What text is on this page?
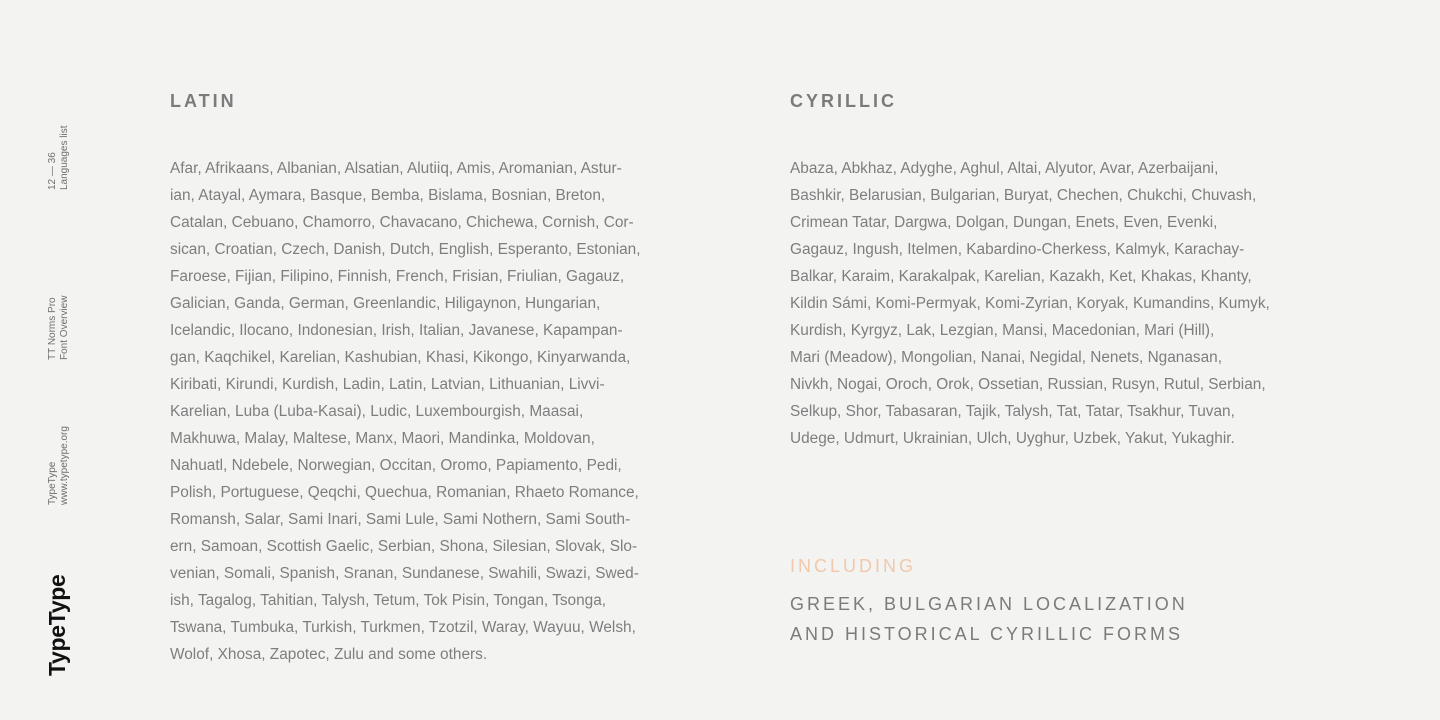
12 — 36 Languages list
TT Norms Pro Font Overview
TypeType www.typetype.org
TypeType
LATIN
Afar, Afrikaans, Albanian, Alsatian, Alutiiq, Amis, Aromanian, Astur-
ian, Atayal, Aymara, Basque, Bemba, Bislama, Bosnian, Breton,
Catalan, Cebuano, Chamorro, Chavacano, Chichewa, Cornish, Cor-
sican, Croatian, Czech, Danish, Dutch, English, Esperanto, Estonian,
Faroese, Fijian, Filipino, Finnish, French, Frisian, Friulian, Gagauz,
Galician, Ganda, German, Greenlandic, Hiligaynon, Hungarian,
Icelandic, Ilocano, Indonesian, Irish, Italian, Javanese, Kapampan-
gan, Kaqchikel, Karelian, Kashubian, Khasi, Kikongo, Kinyarwanda,
Kiribati, Kirundi, Kurdish, Ladin, Latin, Latvian, Lithuanian, Livvi-
Karelian, Luba (Luba-Kasai), Ludic, Luxembourgish, Maasai,
Makhuwa, Malay, Maltese, Manx, Maori, Mandinka, Moldovan,
Nahuatl, Ndebele, Norwegian, Occitan, Oromo, Papiamento, Pedi,
Polish, Portuguese, Qeqchi, Quechua, Romanian, Rhaeto Romance,
Romansh, Salar, Sami Inari, Sami Lule, Sami Nothern, Sami South-
ern, Samoan, Scottish Gaelic, Serbian, Shona, Silesian, Slovak, Slo-
venian, Somali, Spanish, Sranan, Sundanese, Swahili, Swazi, Swed-
ish, Tagalog, Tahitian, Talysh, Tetum, Tok Pisin, Tongan, Tsonga,
Tswana, Tumbuka, Turkish, Turkmen, Tzotzil, Waray, Wayuu, Welsh,
Wolof, Xhosa, Zapotec, Zulu and some others.
CYRILLIC
Abaza, Abkhaz, Adyghe, Aghul, Altai, Alyutor, Avar, Azerbaijani,
Bashkir, Belarusian, Bulgarian, Buryat, Chechen, Chukchi, Chuvash,
Crimean Tatar, Dargwa, Dolgan, Dungan, Enets, Even, Evenki,
Gagauz, Ingush, Itelmen, Kabardino-Cherkess, Kalmyk, Karachay-
Balkar, Karaim, Karakalpak, Karelian, Kazakh, Ket, Khakas, Khanty,
Kildin Sámi, Komi-Permyak, Komi-Zyrian, Koryak, Kumandins, Kumyk,
Kurdish, Kyrgyz, Lak, Lezgian, Mansi, Macedonian, Mari (Hill),
Mari (Meadow), Mongolian, Nanai, Negidal, Nenets, Nganasan,
Nivkh, Nogai, Oroch, Orok, Ossetian, Russian, Rusyn, Rutul, Serbian,
Selkup, Shor, Tabasaran, Tajik, Talysh, Tat, Tatar, Tsakhur, Tuvan,
Udege, Udmurt, Ukrainian, Ulch, Uyghur, Uzbek, Yakut, Yukaghir.
INCLUDING
GREEK, BULGARIAN LOCALIZATION
AND HISTORICAL CYRILLIC FORMS
